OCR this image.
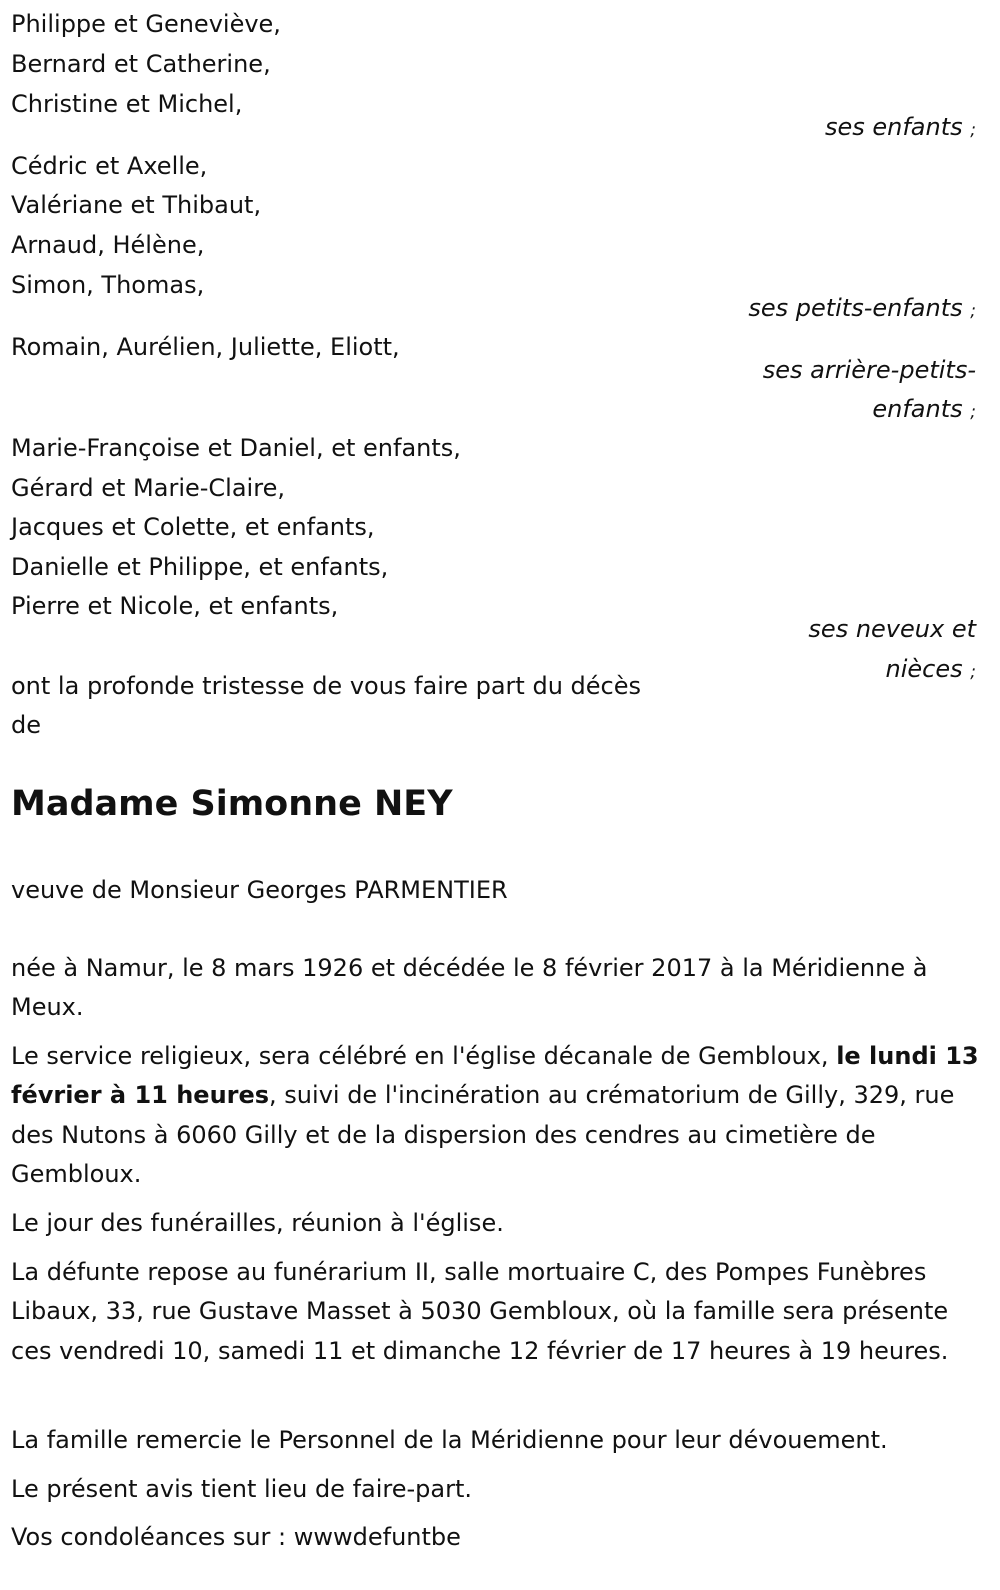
Philippe et Geneviève,
Bernard et Catherine,
Christine et Michel,
ses enfants ;
Cédric et Axelle,
Valériane et Thibaut,
Arnaud, Hélène,
Simon, Thomas,
ses petits-enfants ;
Romain, Aurélien, Juliette, Eliott,
ses arrière-petits-
enfants ;
Marie-Françoise et Daniel, et enfants,
Gérard et Marie-Claire,
Jacques et Colette, et enfants,
Danielle et Philippe, et enfants,
Pierre et Nicole, et enfants,
ses neveux et
nièces ;
ont la profonde tristesse de vous faire part du décès
de
Madame Simonne NEY
veuve de Monsieur Georges PARMENTIER
née à Namur, le 8 mars 1926 et décédée le 8 février 2017 à la Méridienne à Meux.
Le service religieux, sera célébré en l'église décanale de Gembloux, le lundi 13 février à 11 heures, suivi de l'incinération au crématorium de Gilly, 329, rue des Nutons à 6060 Gilly et de la dispersion des cendres au cimetière de Gembloux.
Le jour des funérailles, réunion à l'église.
La défunte repose au funérarium II, salle mortuaire C, des Pompes Funèbres Libaux, 33, rue Gustave Masset à 5030 Gembloux, où la famille sera présente ces vendredi 10, samedi 11 et dimanche 12 février de 17 heures à 19 heures.
La famille remercie le Personnel de la Méridienne pour leur dévouement.
Le présent avis tient lieu de faire-part.
Vos condoléances sur : wwwdefuntbe
